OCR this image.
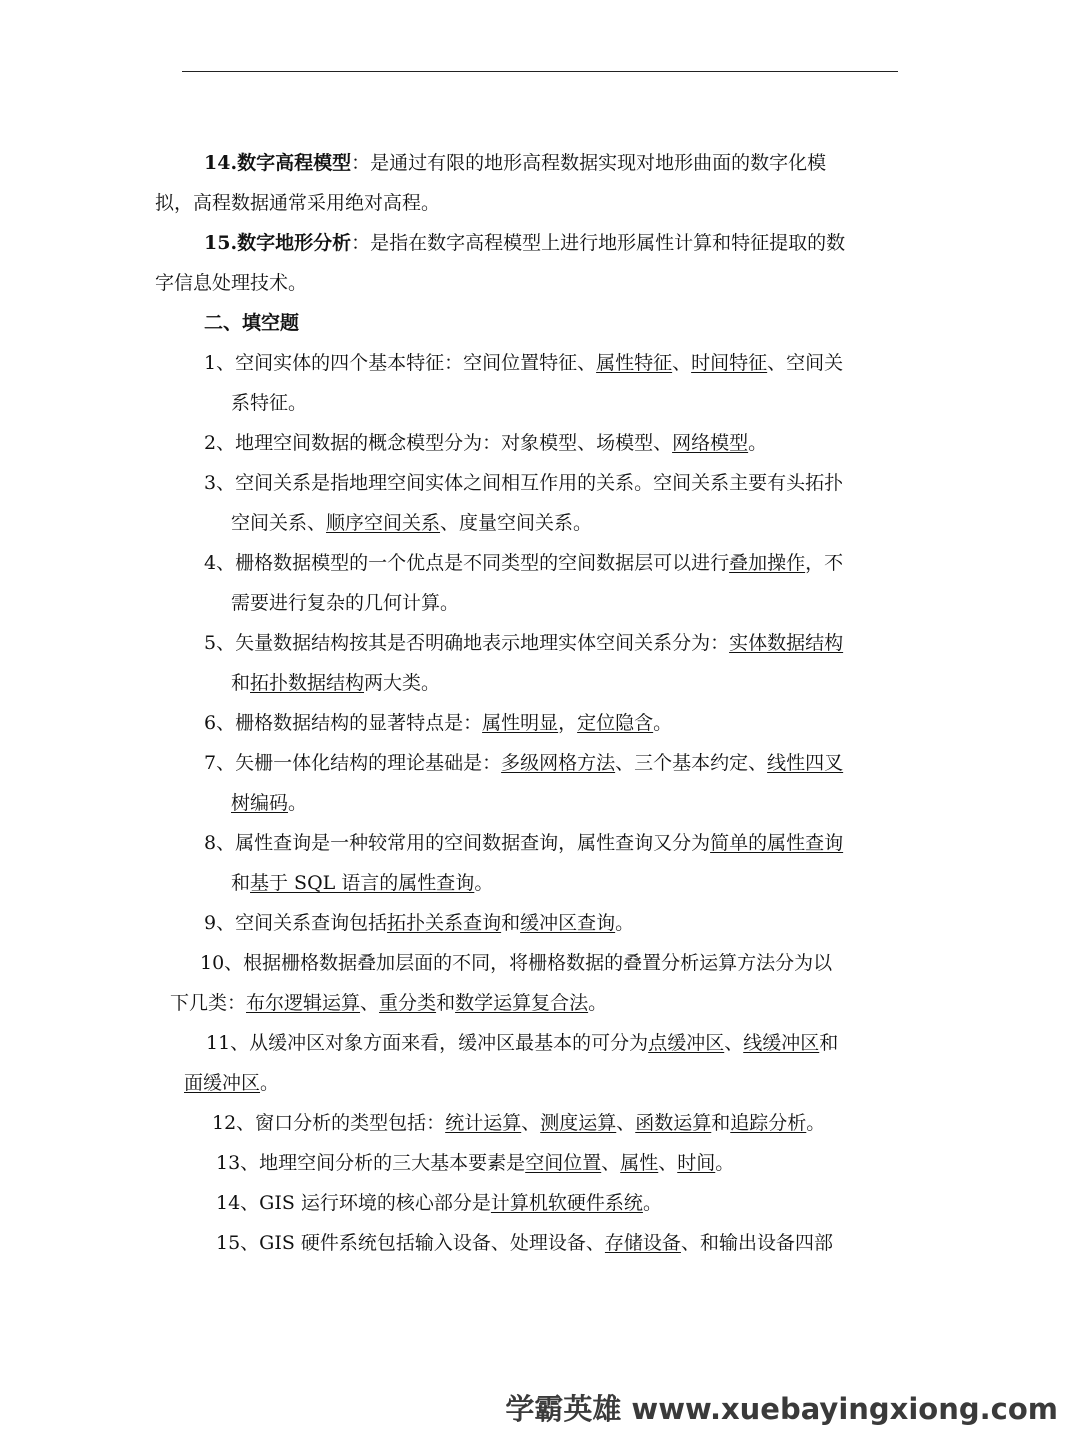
14.数字高程模型：是通过有限的地形高程数据实现对地形曲面的数字化模
拟，高程数据通常采用绝对高程。
15.数字地形分析：是指在数字高程模型上进行地形属性计算和特征提取的数
字信息处理技术。
二、填空题
1、空间实体的四个基本特征：空间位置特征、属性特征、时间特征、空间关
系特征。
2、地理空间数据的概念模型分为：对象模型、场模型、网络模型。
3、空间关系是指地理空间实体之间相互作用的关系。空间关系主要有头拓扑
空间关系、顺序空间关系、度量空间关系。
4、栅格数据模型的一个优点是不同类型的空间数据层可以进行叠加操作，不
需要进行复杂的几何计算。
5、矢量数据结构按其是否明确地表示地理实体空间关系分为：实体数据结构
和拓扑数据结构两大类。
6、栅格数据结构的显著特点是：属性明显，定位隐含。
7、矢栅一体化结构的理论基础是：多级网格方法、三个基本约定、线性四叉
树编码。
8、属性查询是一种较常用的空间数据查询，属性查询又分为简单的属性查询
和基于 SQL 语言的属性查询。
9、空间关系查询包括拓扑关系查询和缓冲区查询。
10、根据栅格数据叠加层面的不同，将栅格数据的叠置分析运算方法分为以
下几类：布尔逻辑运算、重分类和数学运算复合法。
11、从缓冲区对象方面来看，缓冲区最基本的可分为点缓冲区、线缓冲区和
面缓冲区。
12、窗口分析的类型包括：统计运算、测度运算、函数运算和追踪分析。
13、地理空间分析的三大基本要素是空间位置、属性、时间。
14、GIS 运行环境的核心部分是计算机软硬件系统。
15、GIS 硬件系统包括输入设备、处理设备、存储设备、和输出设备四部
学霸英雄 www.xuebayingxiong.com
